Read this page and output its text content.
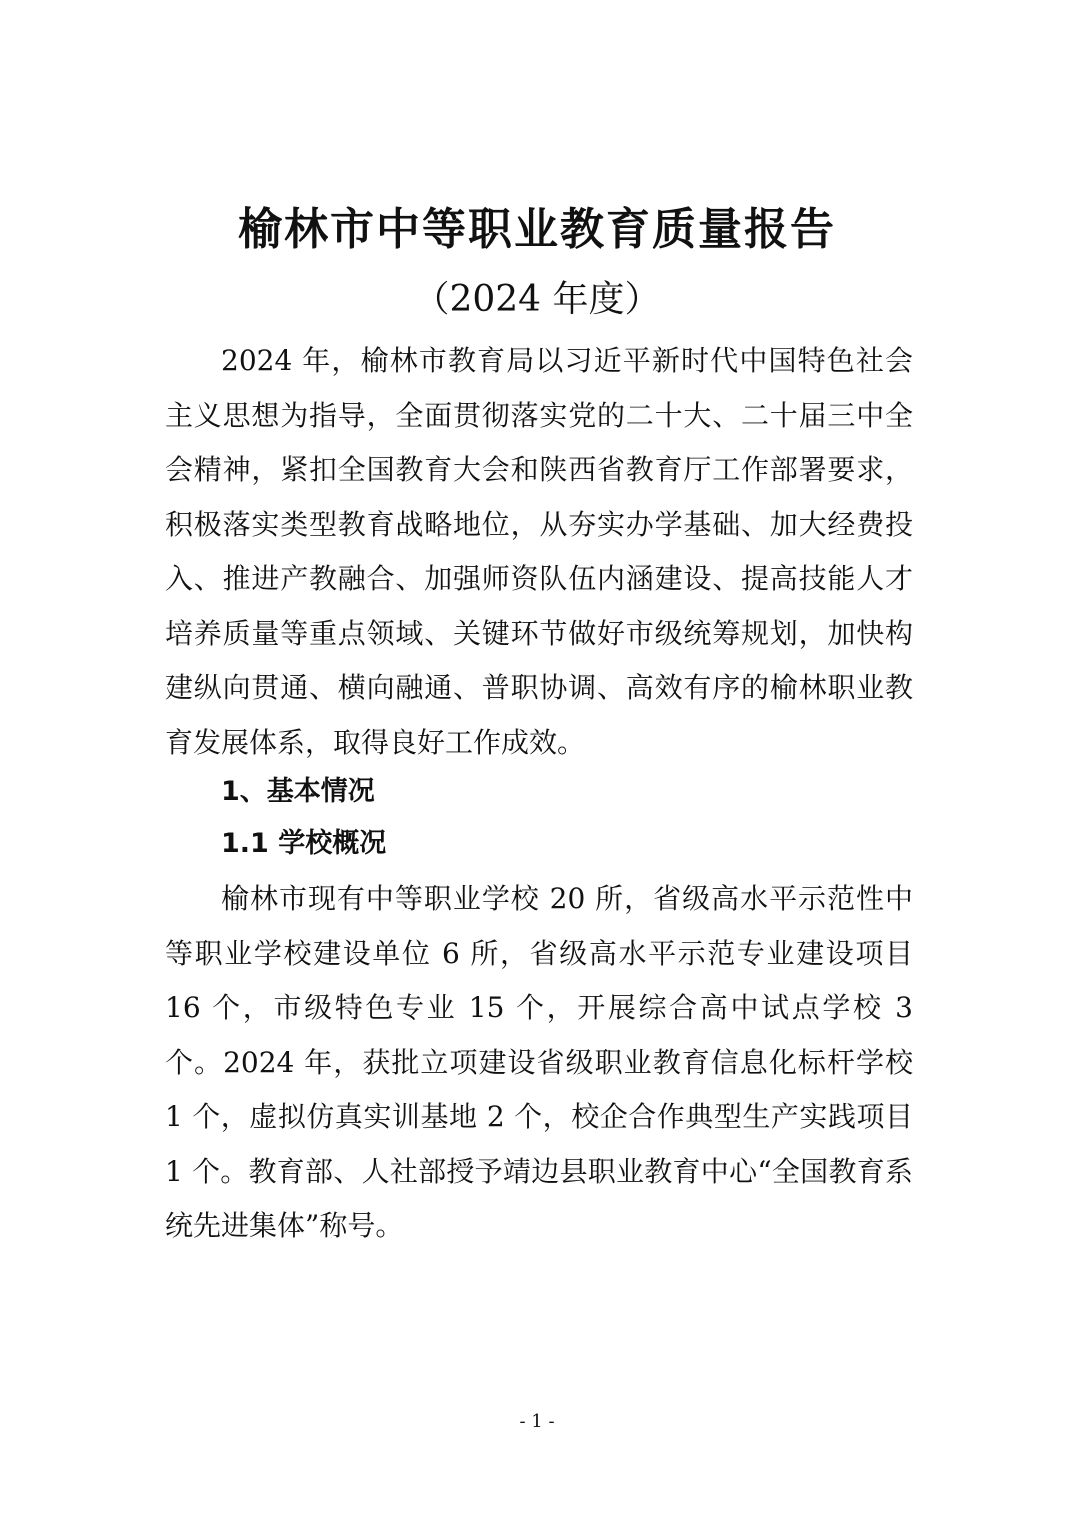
榆林市中等职业教育质量报告
（2024 年度）

2024 年，榆林市教育局以习近平新时代中国特色社会主义思想为指导，全面贯彻落实党的二十大、二十届三中全会精神，紧扣全国教育大会和陕西省教育厅工作部署要求，积极落实类型教育战略地位，从夯实办学基础、加大经费投入、推进产教融合、加强师资队伍内涵建设、提高技能人才培养质量等重点领域、关键环节做好市级统筹规划，加快构建纵向贯通、横向融通、普职协调、高效有序的榆林职业教育发展体系，取得良好工作成效。

1、基本情况
1.1 学校概况

榆林市现有中等职业学校 20 所，省级高水平示范性中等职业学校建设单位 6 所，省级高水平示范专业建设项目 16 个，市级特色专业 15 个，开展综合高中试点学校 3 个。2024 年，获批立项建设省级职业教育信息化标杆学校 1 个，虚拟仿真实训基地 2 个，校企合作典型生产实践项目 1 个。教育部、人社部授予靖边县职业教育中心“全国教育系统先进集体”称号。

- 1 -
